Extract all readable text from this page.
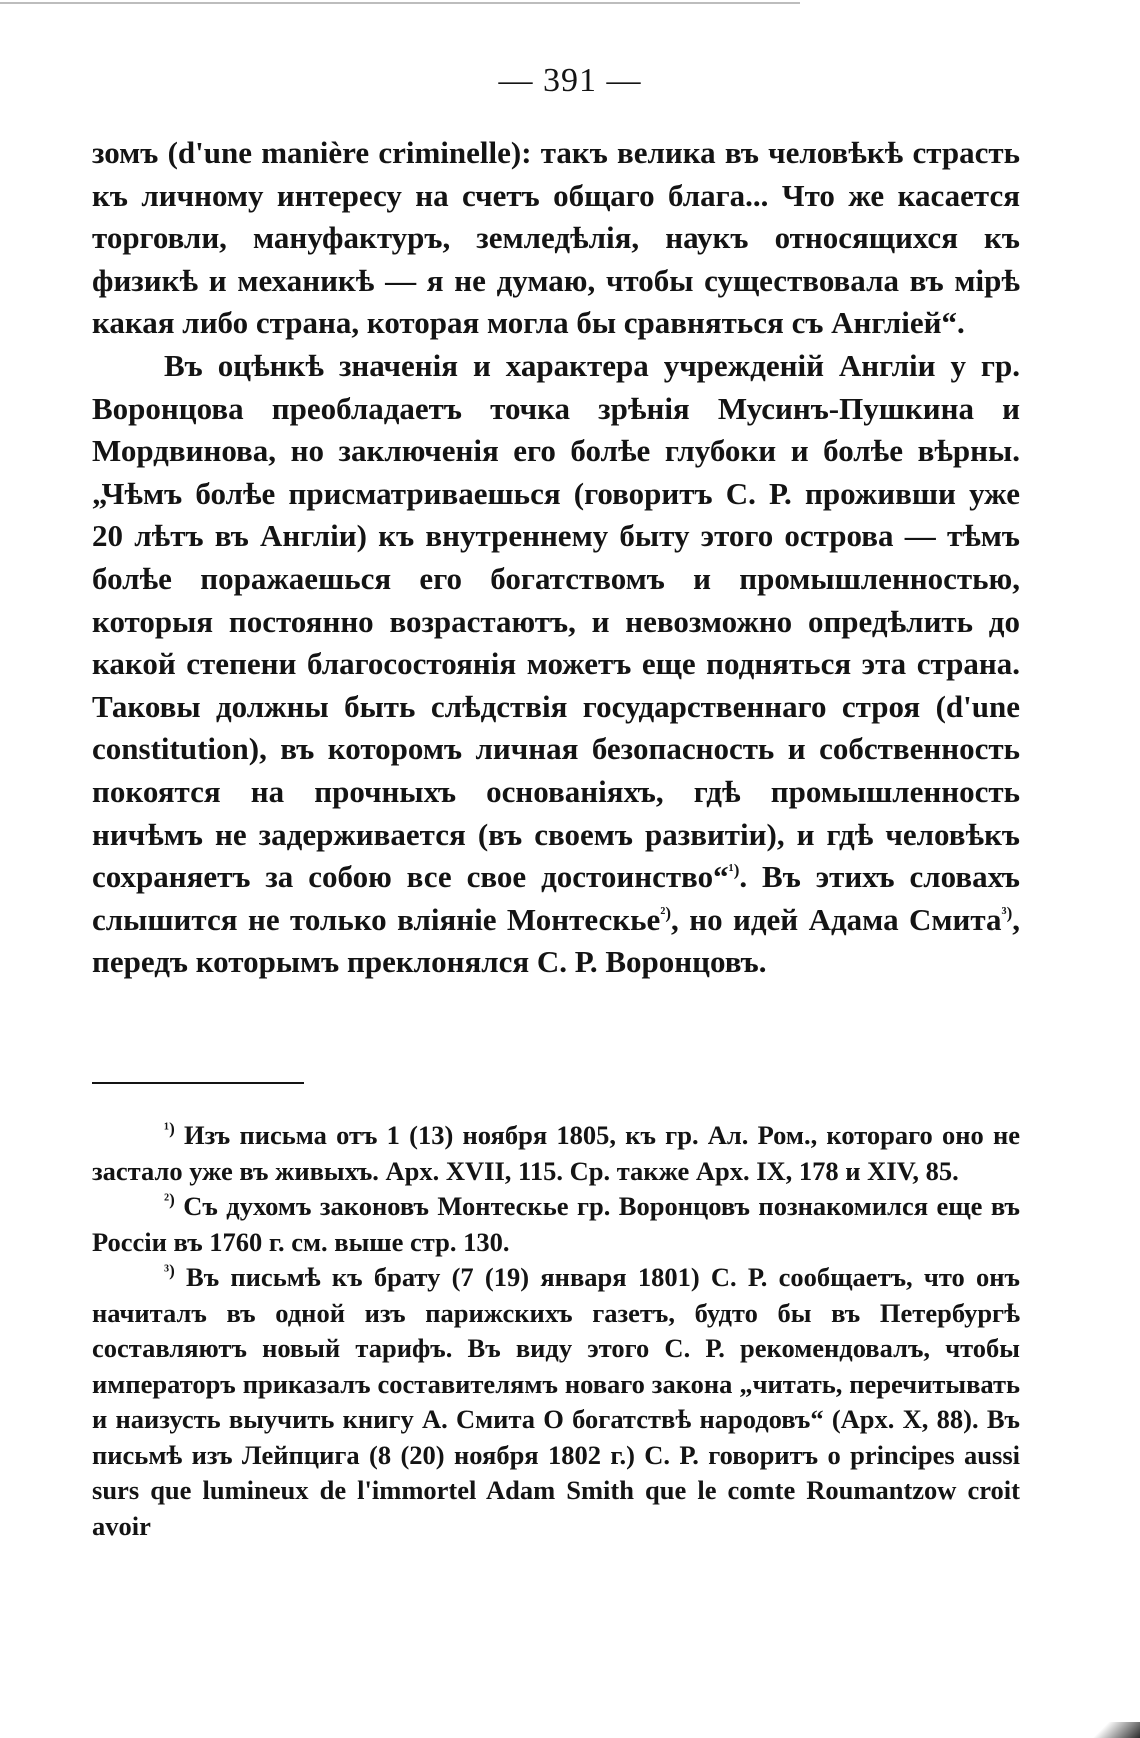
— 391 —

зомъ (d'une manière criminelle): такъ велика въ человѣкѣ страсть къ личному интересу на счетъ общаго блага... Что же касается торговли, мануфактуръ, земледѣлія, наукъ относящихся къ физикѣ и механикѣ — я не думаю, чтобы существовала въ мірѣ какая либо страна, которая могла бы сравняться съ Англіей“.

Въ оцѣнкѣ значенія и характера учрежденій Англіи у гр. Воронцова преобладаетъ точка зрѣнія Мусинъ-Пушкина и Мордвинова, но заключенія его болѣе глубоки и болѣе вѣрны. „Чѣмъ болѣе присматриваешься (говоритъ С. Р. проживши уже 20 лѣтъ въ Англіи) къ внутреннему быту этого острова — тѣмъ болѣе поражаешься его богатствомъ и промышленностью, которыя постоянно возрастаютъ, и невозможно опредѣлить до какой степени благосостоянія можетъ еще подняться эта страна. Таковы должны быть слѣдствія государственнаго строя (d'une constitution), въ которомъ личная безопасность и собственность покоятся на прочныхъ основаніяхъ, гдѣ промышленность ничѣмъ не задерживается (въ своемъ развитіи), и гдѣ человѣкъ сохраняетъ за собою все свое достоинство“$^{^1)}$. Въ этихъ словахъ слышится не только вліяніе Монтескье$^{^2)}$, но идей Адама Смита$^{^3)}$, передъ которымъ преклонялся С. Р. Воронцовъ.

$^{^1)}$ Изъ письма отъ 1 (13) ноября 1805, къ гр. Ал. Ром., котораго оно не застало уже въ живыхъ. Арх. XVII, 115. Ср. также Арх. IX, 178 и XIV, 85.

$^{^2)}$ Съ духомъ законовъ Монтескье гр. Воронцовъ познакомился еще въ Россіи въ 1760 г. см. выше стр. 130.

$^{^3)}$ Въ письмѣ къ брату (7 (19) января 1801) С. Р. сообщаетъ, что онъ начиталъ въ одной изъ парижскихъ газетъ, будто бы въ Петербургѣ составляютъ новый тарифъ. Въ виду этого С. Р. рекомендовалъ, чтобы императоръ приказалъ составителямъ новаго закона „читать, перечитывать и наизусть выучить книгу А. Смита О богатствѣ народовъ“ (Арх. X, 88). Въ письмѣ изъ Лейпцига (8 (20) ноября 1802 г.) С. Р. говоритъ о principes aussi surs que lumineux de l'immortel Adam Smith que le comte Roumantzow croit avoir
